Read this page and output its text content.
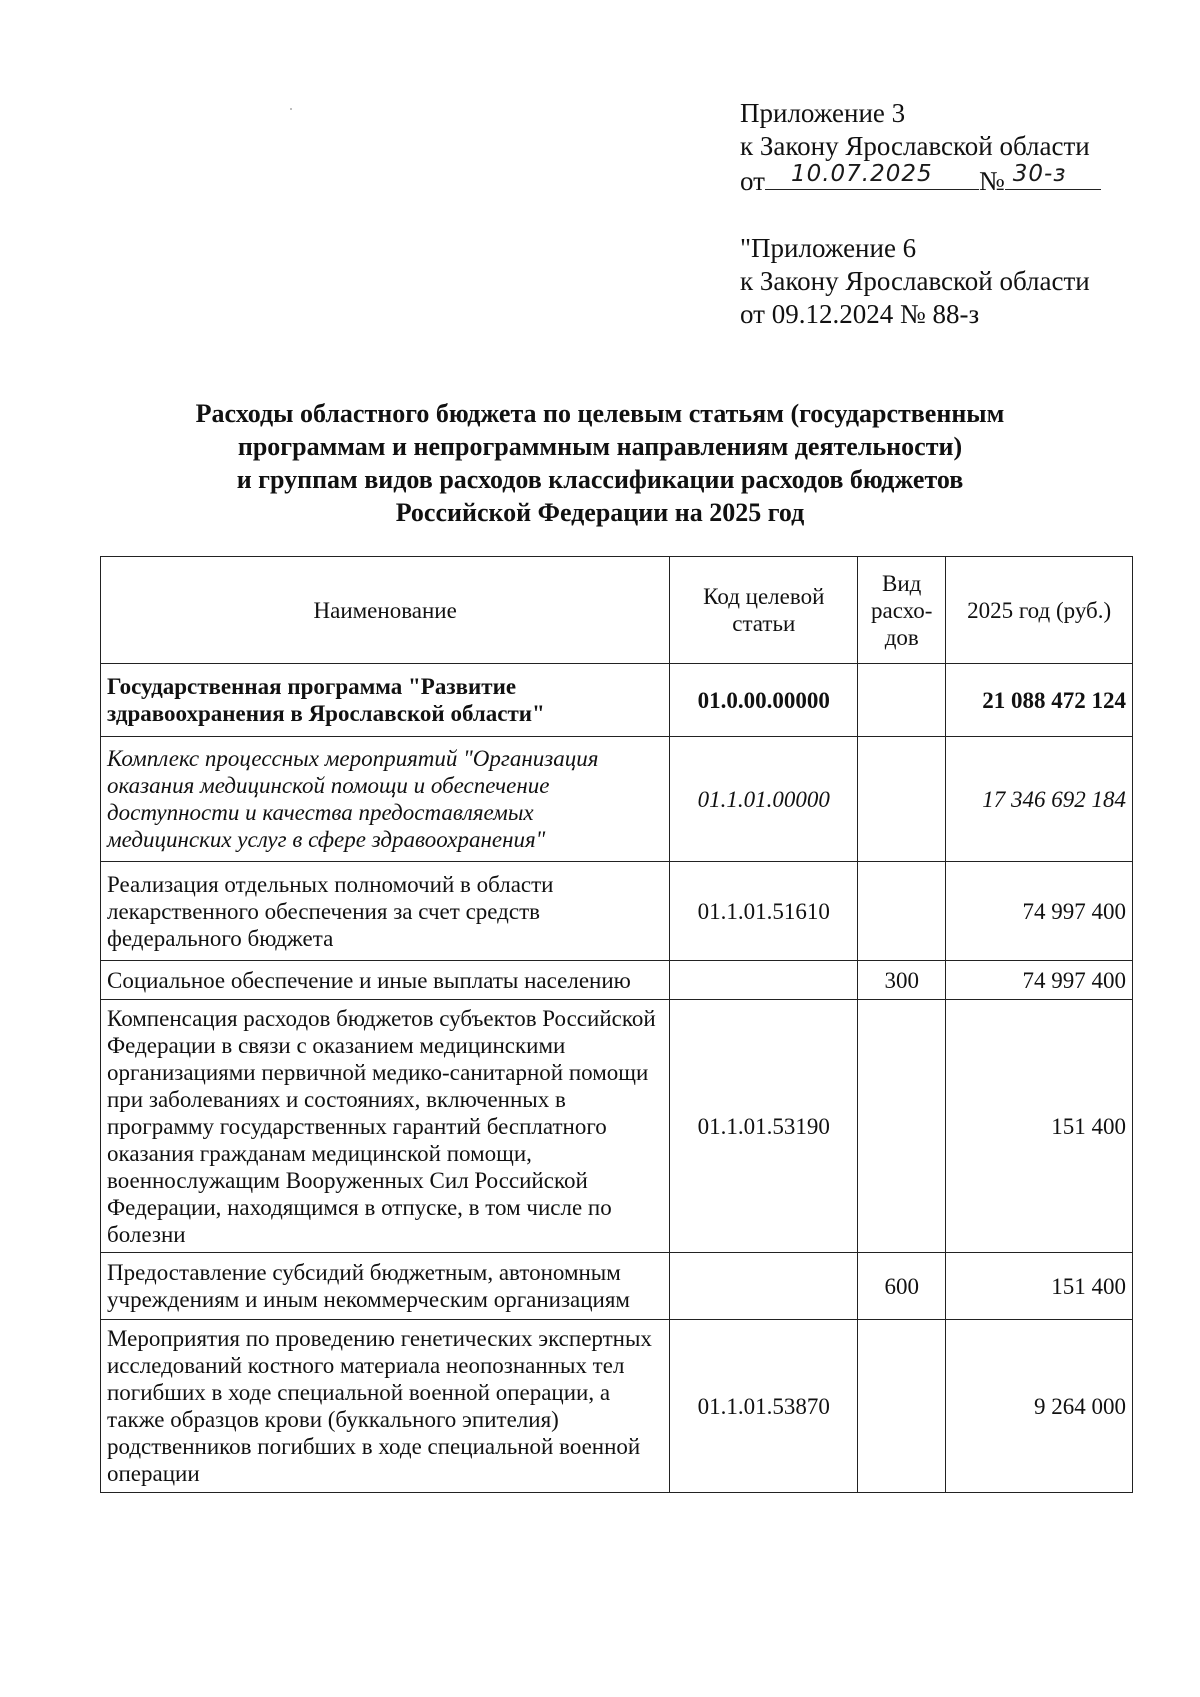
Приложение 3
к Закону Ярославской области
от 10.07.2025 № 30-з
"Приложение 6
к Закону Ярославской области
от 09.12.2024 № 88-з
Расходы областного бюджета по целевым статьям (государственным
программам и непрограммным направлениям деятельности)
и группам видов расходов классификации расходов бюджетов
Российской Федерации на 2025 год
Наименование	Код целевой статьи	Вид расхо-дов	2025 год (руб.)
Государственная программа "Развитие здравоохранения в Ярославской области"	01.0.00.00000		21 088 472 124
Комплекс процессных мероприятий "Организация оказания медицинской помощи и обеспечение доступности и качества предоставляемых медицинских услуг в сфере здравоохранения"	01.1.01.00000		17 346 692 184
Реализация отдельных полномочий в области лекарственного обеспечения за счет средств федерального бюджета	01.1.01.51610		74 997 400
Социальное обеспечение и иные выплаты населению		300	74 997 400
Компенсация расходов бюджетов субъектов Российской Федерации в связи с оказанием медицинскими организациями первичной медико-санитарной помощи при заболеваниях и состояниях, включенных в программу государственных гарантий бесплатного оказания гражданам медицинской помощи, военнослужащим Вооруженных Сил Российской Федерации, находящимся в отпуске, в том числе по болезни	01.1.01.53190		151 400
Предоставление субсидий бюджетным, автономным учреждениям и иным некоммерческим организациям		600	151 400
Мероприятия по проведению генетических экспертных исследований костного материала неопознанных тел погибших в ходе специальной военной операции, а также образцов крови (буккального эпителия) родственников погибших в ходе специальной военной операции	01.1.01.53870		9 264 000
